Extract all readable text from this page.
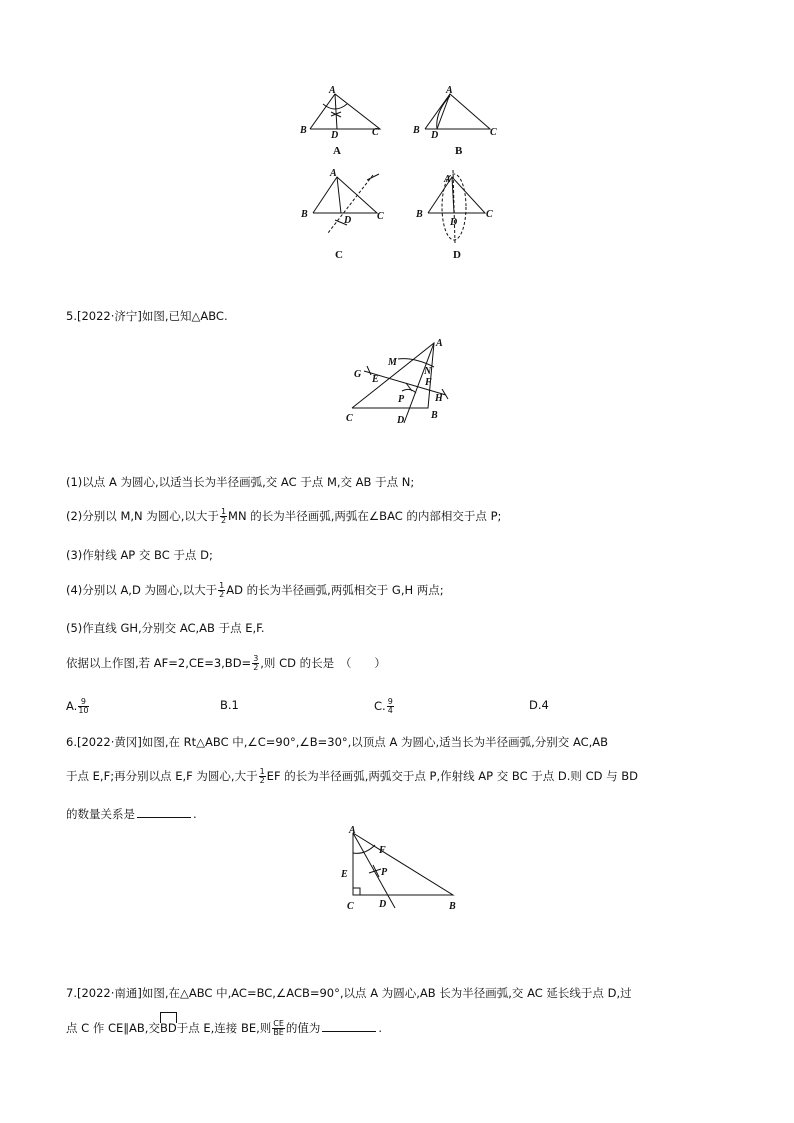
A
B	C
D
A
A
B	C
D
B
A
B	C
D
C
A
B	C
D
D
5.[2022·济宁]如图,已知△ABC.
A
B
C	D
E	F
G
H
M
N
P
(1)以点 A 为圆心,以适当长为半径画弧,交 AC 于点 M,交 AB 于点 N;
(2)分别以 M,N 为圆心,以大于 $\frac{1}{2}$ MN 的长为半径画弧,两弧在∠BAC 的内部相交于点 P;
(3)作射线 AP 交 BC 于点 D;
(4)分别以 A,D 为圆心,以大于 $\frac{1}{2}$ AD 的长为半径画弧,两弧相交于 G,H 两点;
(5)作直线 GH,分别交 AC,AB 于点 E,F.
依据以上作图,若 $AF=2,CE=3,BD= \frac{3}{2}$ ,则 CD 的长是　（　　）
A. $\frac{9}{10}$	B.1	C. $\frac{9}{4}$	D.4
6.[2022·黄冈]如图,在 Rt△ABC 中,∠C=90°,∠B=30°,以顶点 A 为圆心,适当长为半径画弧,分别交 AC,AB
于点 E,F;再分别以点 E,F 为圆心,大于 $\frac{1}{2}$ EF 的长为半径画弧,两弧交于点 P,作射线 AP 交 BC 于点 D.则 CD 与 BD
的数量关系是	.
A
B
C	D
E
F
P
7.[2022·南通]如图,在△ABC 中,AC=BC,∠ACB=90°,以点 A 为圆心,AB 长为半径画弧,交 AC 延长线于点 D,过
点 C 作 CE∥AB,交BD于点 E,连接 BE,则 $\frac{CE}{BE}$ 的值为	.
